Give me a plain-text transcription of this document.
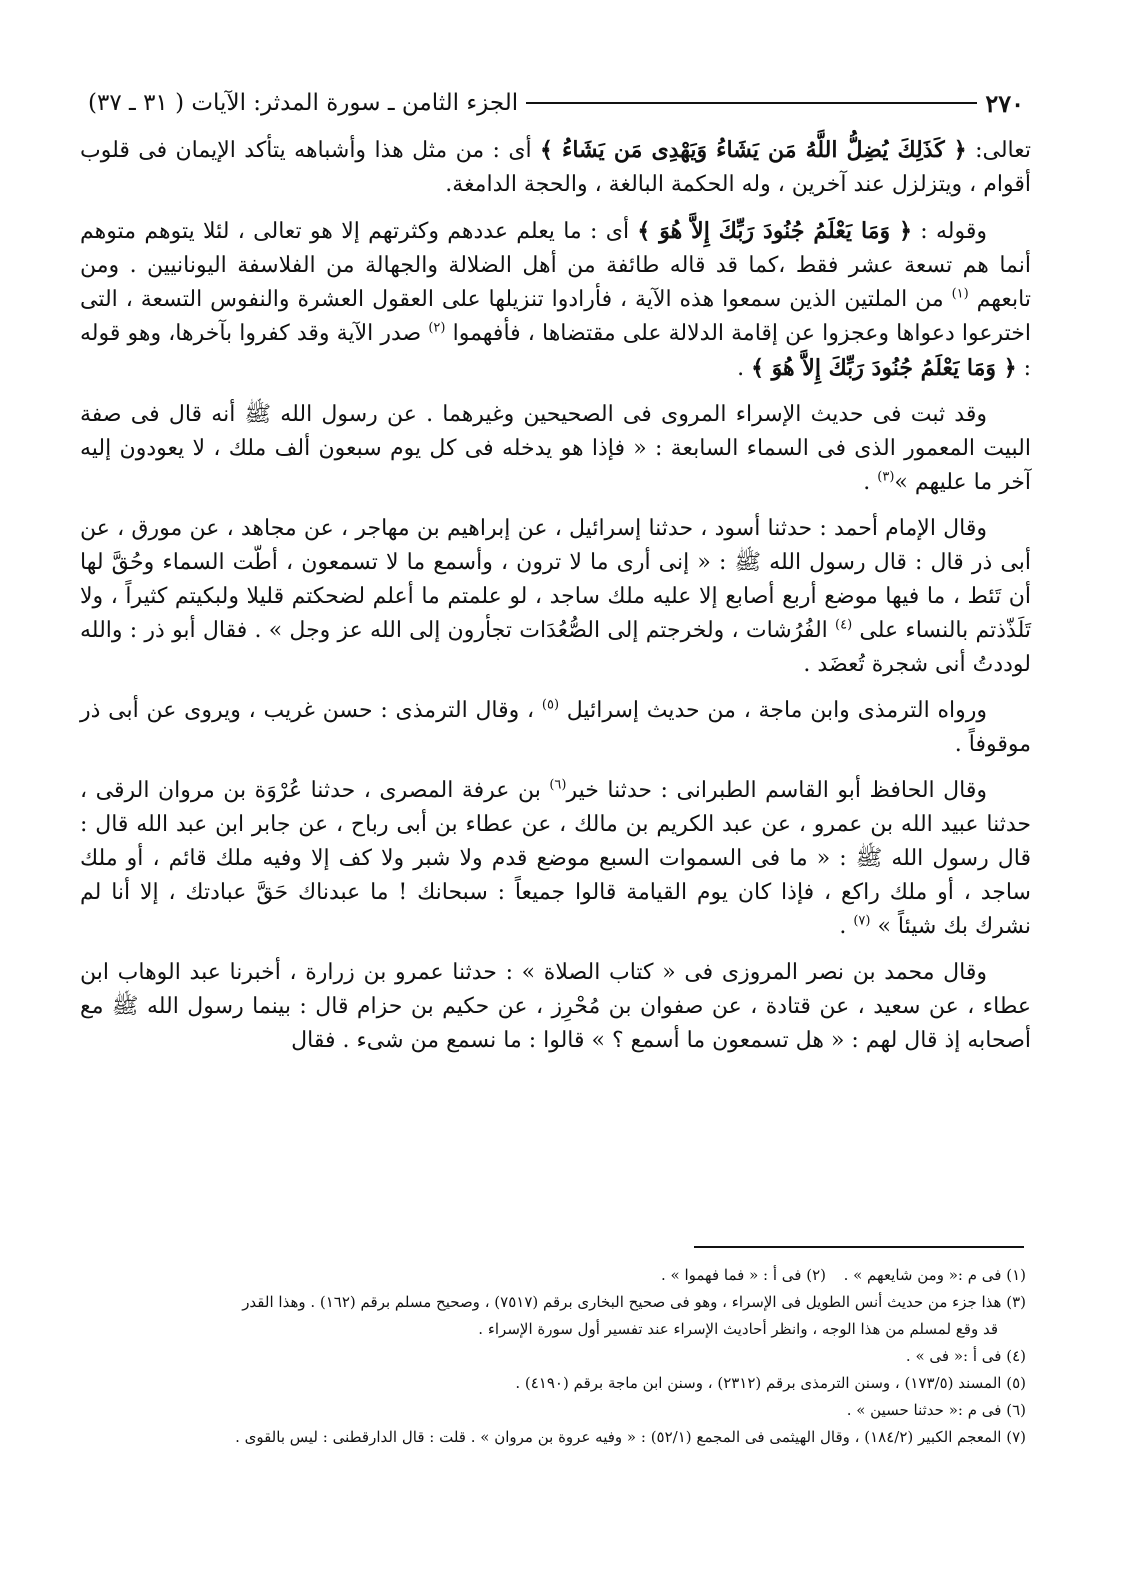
٢٧٠
الجزء الثامن ـ سورة المدثر: الآيات ( ٣١ ـ ٣٧)

تعالى: ﴿ كَذَلِكَ يُضِلُّ اللَّهُ مَن يَشَاءُ وَيَهْدِى مَن يَشَاءُ ﴾ أى : من مثل هذا وأشباهه يتأكد الإيمان فى قلوب أقوام ، ويتزلزل عند آخرين ، وله الحكمة البالغة ، والحجة الدامغة.

وقوله : ﴿ وَمَا يَعْلَمُ جُنُودَ رَبِّكَ إِلاَّ هُوَ ﴾ أى : ما يعلم عددهم وكثرتهم إلا هو تعالى ، لئلا يتوهم متوهم أنما هم تسعة عشر فقط ،كما قد قاله طائفة من أهل الضلالة والجهالة من الفلاسفة اليونانيين . ومن تابعهم $^{(١)}$ من الملتين الذين سمعوا هذه الآية ، فأرادوا تنزيلها على العقول العشرة والنفوس التسعة ، التى اخترعوا دعواها وعجزوا عن إقامة الدلالة على مقتضاها ، فأفهموا $^{(٢)}$ صدر الآية وقد كفروا بآخرها، وهو قوله : ﴿ وَمَا يَعْلَمُ جُنُودَ رَبِّكَ إِلاَّ هُوَ ﴾ .

وقد ثبت فى حديث الإسراء المروى فى الصحيحين وغيرهما . عن رسول الله ﷺ أنه قال فى صفة البيت المعمور الذى فى السماء السابعة : « فإذا هو يدخله فى كل يوم سبعون ألف ملك ، لا يعودون إليه آخر ما عليهم »$^{(٣)}$ .

وقال الإمام أحمد : حدثنا أسود ، حدثنا إسرائيل ، عن إبراهيم بن مهاجر ، عن مجاهد ، عن مورق ، عن أبى ذر قال : قال رسول الله ﷺ : « إنى أرى ما لا ترون ، وأسمع ما لا تسمعون ، أطّت السماء وحُقَّ لها أن تَئط ، ما فيها موضع أربع أصابع إلا عليه ملك ساجد ، لو علمتم ما أعلم لضحكتم قليلا ولبكيتم كثيراً ، ولا تَلَذّذتم بالنساء على $^{(٤)}$ الفُرُشات ، ولخرجتم إلى الصُّعُدَات تجأرون إلى الله عز وجل » . فقال أبو ذر : والله لوددتُ أنى شجرة تُعضَد .

ورواه الترمذى وابن ماجة ، من حديث إسرائيل $^{(٥)}$ ، وقال الترمذى : حسن غريب ، ويروى عن أبى ذر موقوفاً .

وقال الحافظ أبو القاسم الطبرانى : حدثنا خير$^{(٦)}$ بن عرفة المصرى ، حدثنا عُرْوَة بن مروان الرقى ، حدثنا عبيد الله بن عمرو ، عن عبد الكريم بن مالك ، عن عطاء بن أبى رباح ، عن جابر ابن عبد الله قال : قال رسول الله ﷺ : « ما فى السموات السبع موضع قدم ولا شبر ولا كف إلا وفيه ملك قائم ، أو ملك ساجد ، أو ملك راكع ، فإذا كان يوم القيامة قالوا جميعاً : سبحانك ! ما عبدناك حَقَّ عبادتك ، إلا أنا لم نشرك بك شيئاً » $^{(٧)}$ .

وقال محمد بن نصر المروزى فى « كتاب الصلاة » : حدثنا عمرو بن زرارة ، أخبرنا عبد الوهاب ابن عطاء ، عن سعيد ، عن قتادة ، عن صفوان بن مُحْرِز ، عن حكيم بن حزام قال : بينما رسول الله ﷺ مع أصحابه إذ قال لهم : « هل تسمعون ما أسمع ؟ » قالوا : ما نسمع من شىء . فقال

(١) فى م :« ومن شايعهم » .
(٢) فى أ : « فما فهموا » .

(٣) هذا جزء من حديث أنس الطويل فى الإسراء ، وهو فى صحيح البخارى برقم (٧٥١٧) ، وصحيح مسلم برقم (١٦٢) . وهذا القدر

قد وقع لمسلم من هذا الوجه ، وانظر أحاديث الإسراء عند تفسير أول سورة الإسراء .

(٤) فى أ :« فى » .

(٥) المسند (١٧٣/٥) ، وسنن الترمذى برقم (٢٣١٢) ، وسنن ابن ماجة برقم (٤١٩٠) .

(٦) فى م :« حدثنا حسين » .

(٧) المعجم الكبير (١٨٤/٢) ، وقال الهيثمى فى المجمع (٥٢/١) : « وفيه عروة بن مروان » . قلت : قال الدارقطنى : ليس بالقوى .
